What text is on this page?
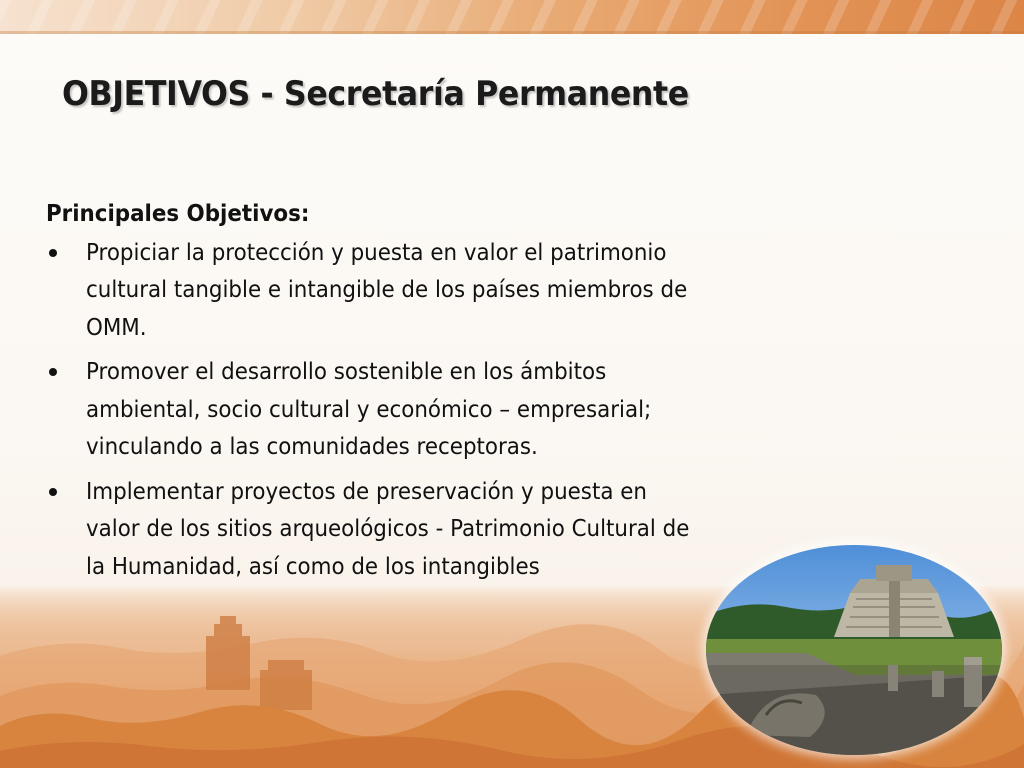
OBJETIVOS - Secretaría Permanente
Principales Objetivos:
Propiciar la protección y puesta en valor el patrimonio
cultural tangible e intangible de los países miembros de
OMM.
Promover el desarrollo sostenible en los ámbitos
ambiental, socio cultural y económico – empresarial;
vinculando a las comunidades receptoras.
Implementar proyectos de preservación y puesta en
valor de los sitios arqueológicos - Patrimonio Cultural de
la Humanidad, así como de los intangibles
